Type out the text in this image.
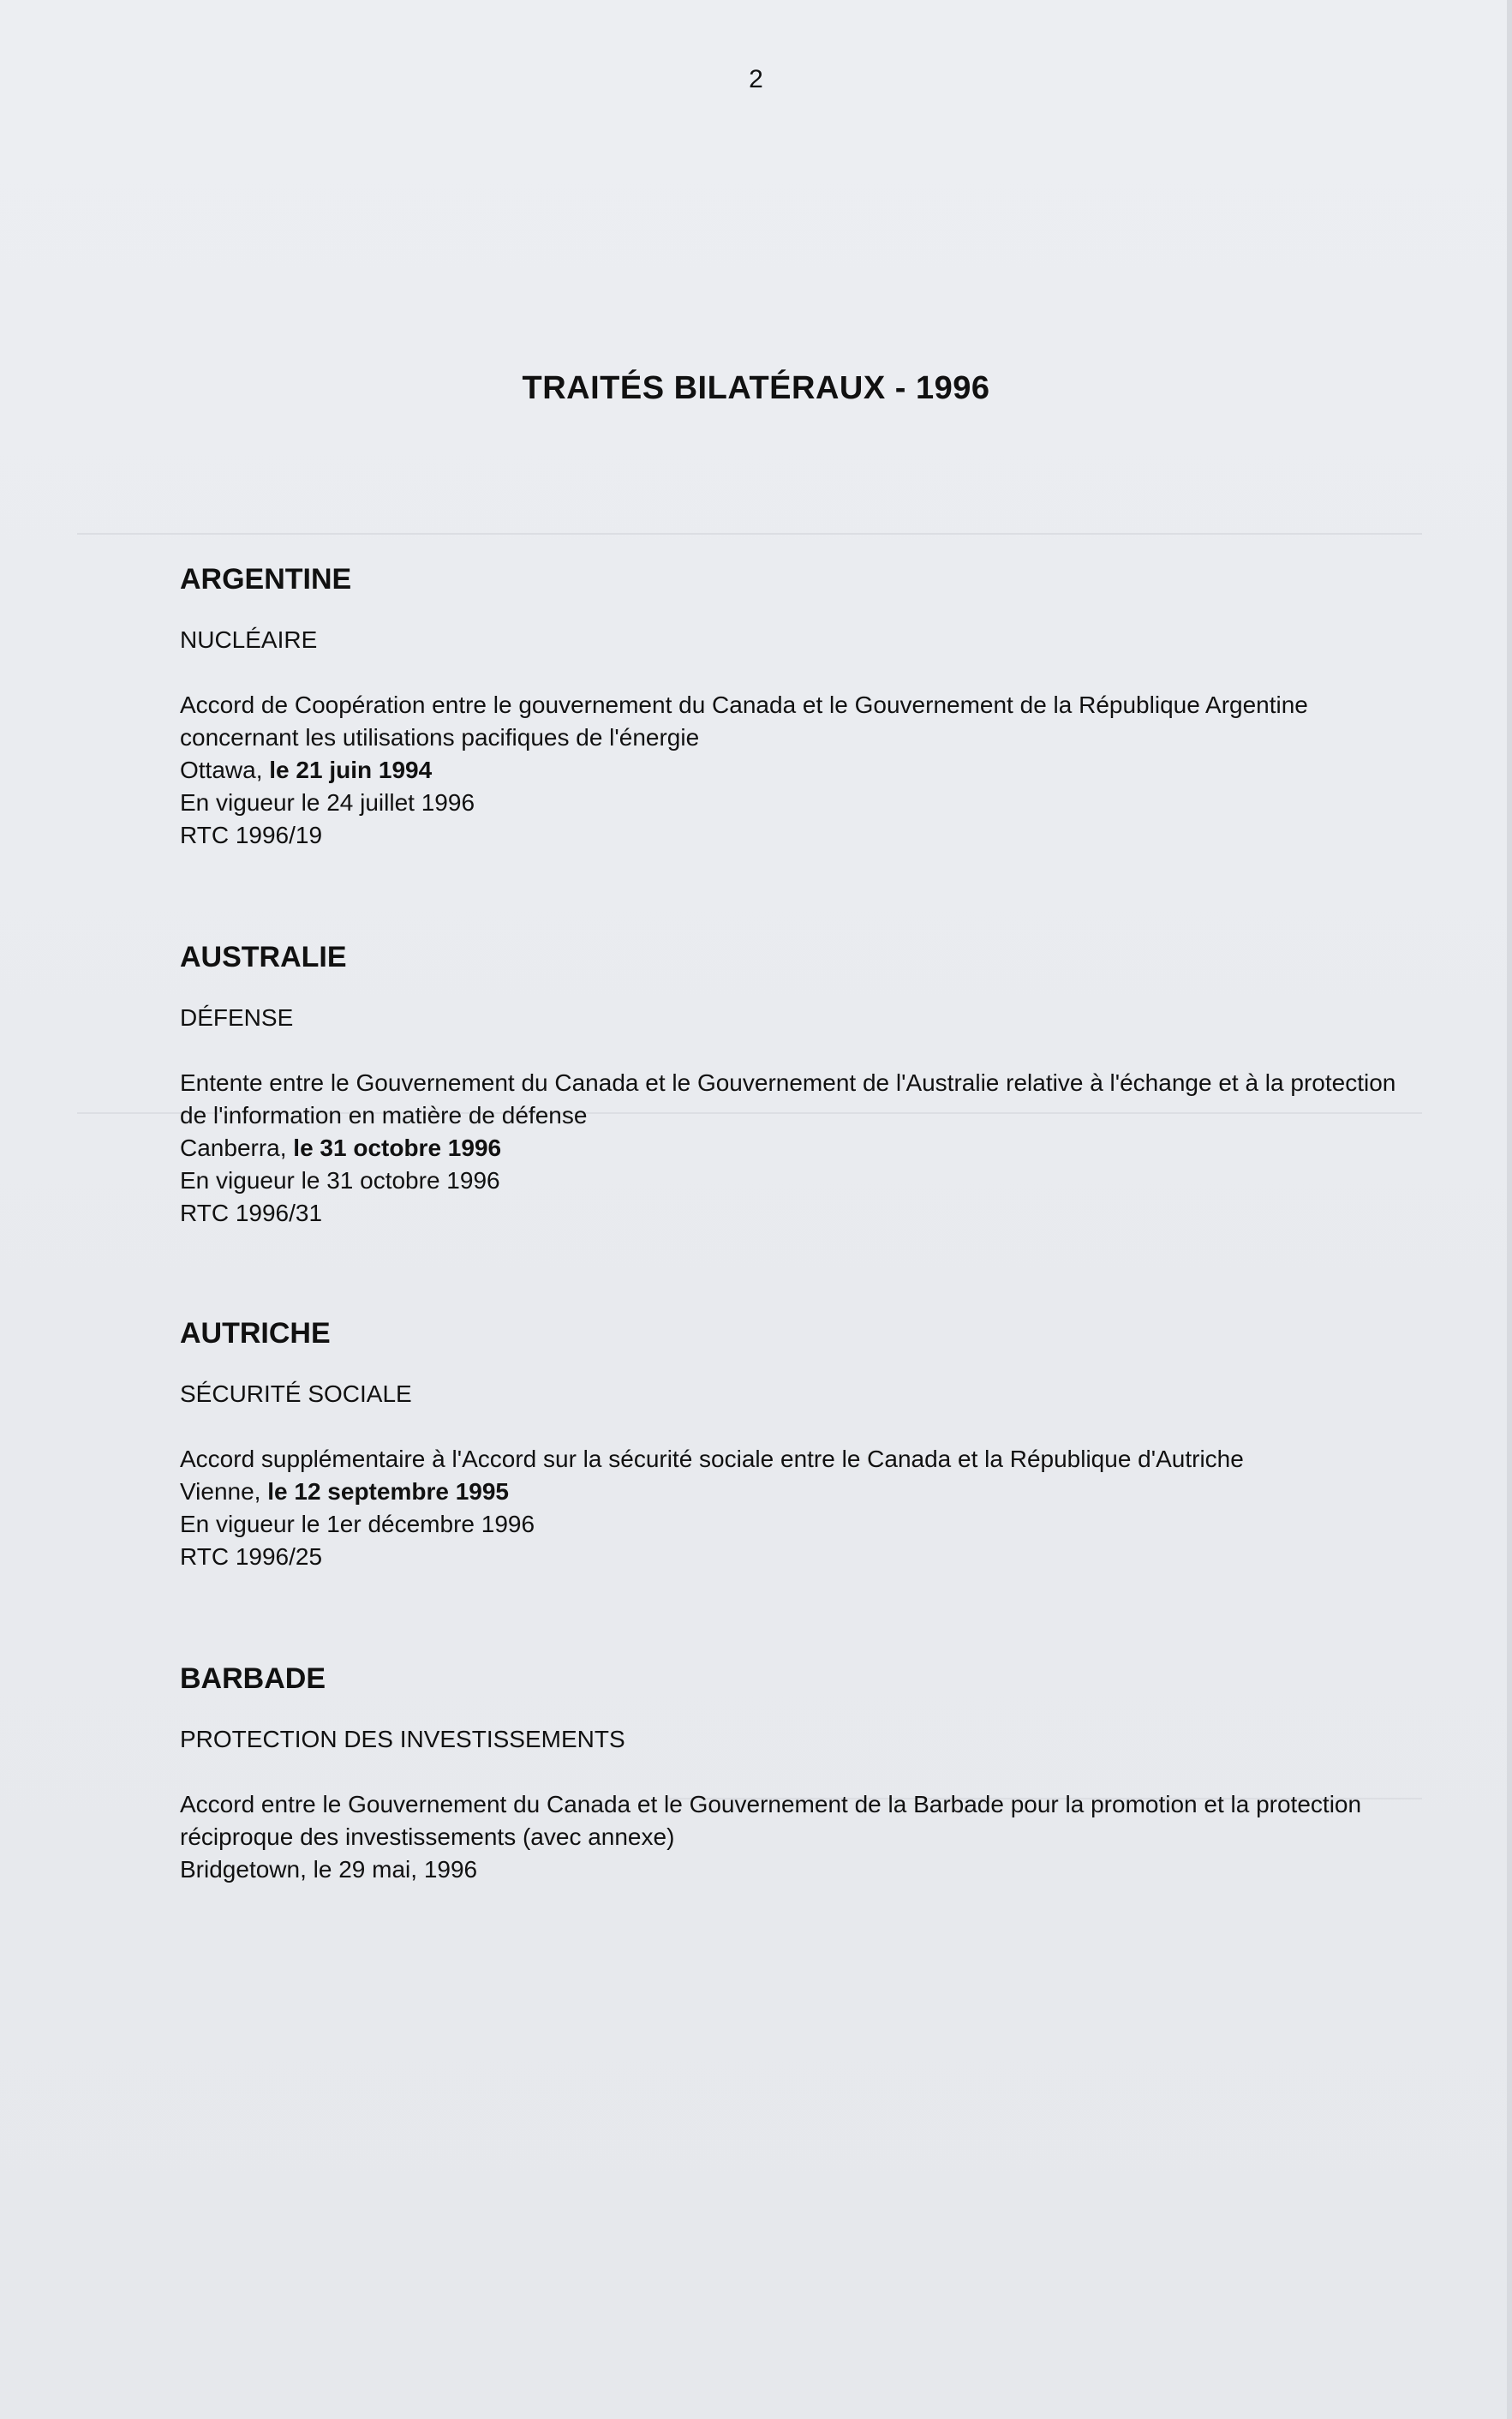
2
TRAITÉS BILATÉRAUX - 1996
ARGENTINE
NUCLÉAIRE
Accord de Coopération entre le gouvernement du Canada et le Gouvernement de la République Argentine concernant les utilisations pacifiques de l'énergie
Ottawa, le 21 juin 1994
En vigueur le 24 juillet 1996
RTC 1996/19
AUSTRALIE
DÉFENSE
Entente entre le Gouvernement du Canada et le Gouvernement de l'Australie relative à l'échange et à la protection de l'information en matière de défense
Canberra, le 31 octobre 1996
En vigueur le 31 octobre 1996
RTC 1996/31
AUTRICHE
SÉCURITÉ SOCIALE
Accord supplémentaire à l'Accord sur la sécurité sociale entre le Canada et la République d'Autriche
Vienne, le 12 septembre 1995
En vigueur le 1er décembre 1996
RTC 1996/25
BARBADE
PROTECTION DES INVESTISSEMENTS
Accord entre le Gouvernement du Canada et le Gouvernement de la Barbade pour la promotion et la protection réciproque des investissements (avec annexe)
Bridgetown, le 29 mai, 1996
